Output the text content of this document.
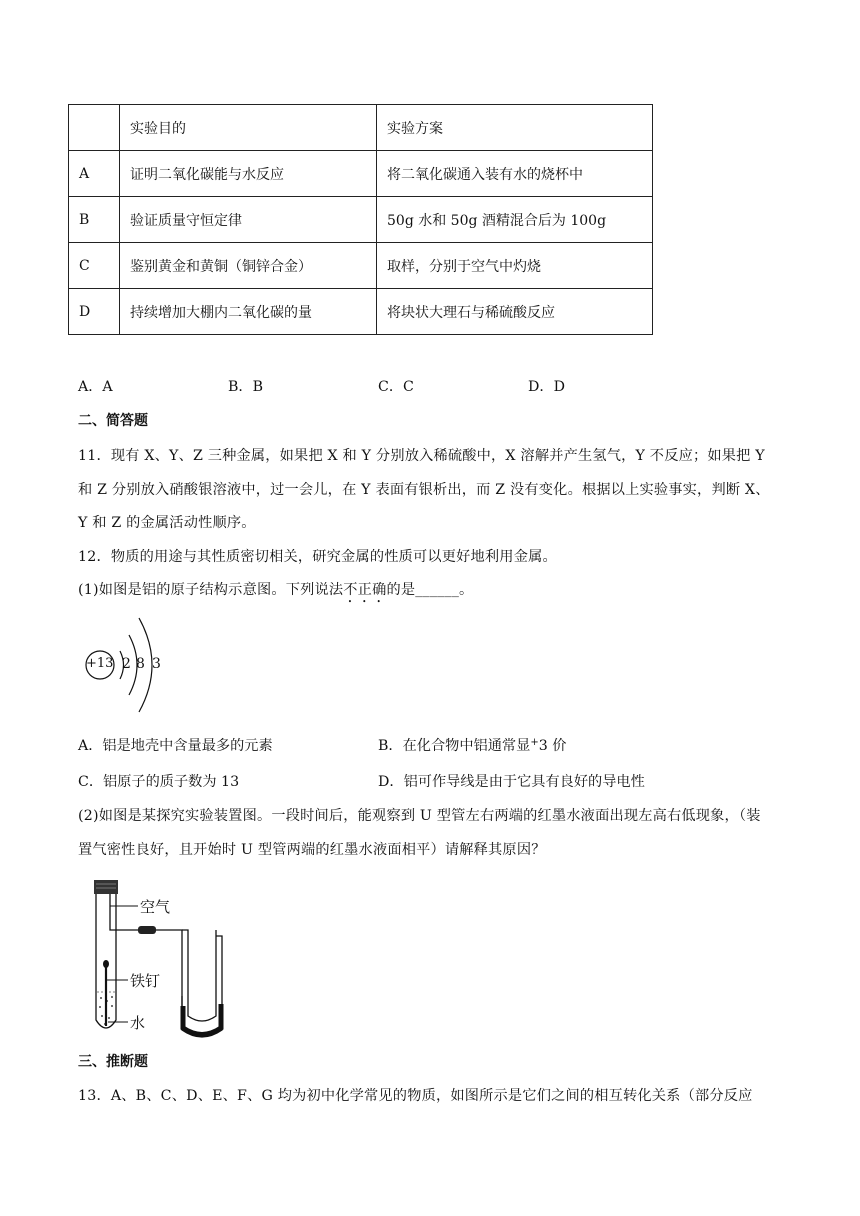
	实验目的	实验方案
A	证明二氧化碳能与水反应	将二氧化碳通入装有水的烧杯中
B	验证质量守恒定律	50g 水和 50g 酒精混合后为 100g
C	鉴别黄金和黄铜（铜锌合金）	取样，分别于空气中灼烧
D	持续增加大棚内二氧化碳的量	将块状大理石与稀硫酸反应
A．A	B．B	C．C	D．D
二、简答题
11．现有 X、Y、Z 三种金属，如果把 X 和 Y 分别放入稀硫酸中，X 溶解并产生氢气，Y 不反应；如果把 Y
和 Z 分别放入硝酸银溶液中，过一会儿，在 Y 表面有银析出，而 Z 没有变化。根据以上实验事实，判断 X、
Y 和 Z 的金属活动性顺序。
12．物质的用途与其性质密切相关，研究金属的性质可以更好地利用金属。
(1)如图是铝的原子结构示意图。下列说法不正确的是______。
+13 2 8 3
A．铝是地壳中含量最多的元素	B．在化合物中铝通常显+3 价
C．铝原子的质子数为 13	D．铝可作导线是由于它具有良好的导电性
(2)如图是某探究实验装置图。一段时间后，能观察到 U 型管左右两端的红墨水液面出现左高右低现象，（装
置气密性良好，且开始时 U 型管两端的红墨水液面相平）请解释其原因？
空气
铁钉
水
三、推断题
13．A、B、C、D、E、F、G 均为初中化学常见的物质，如图所示是它们之间的相互转化关系（部分反应
